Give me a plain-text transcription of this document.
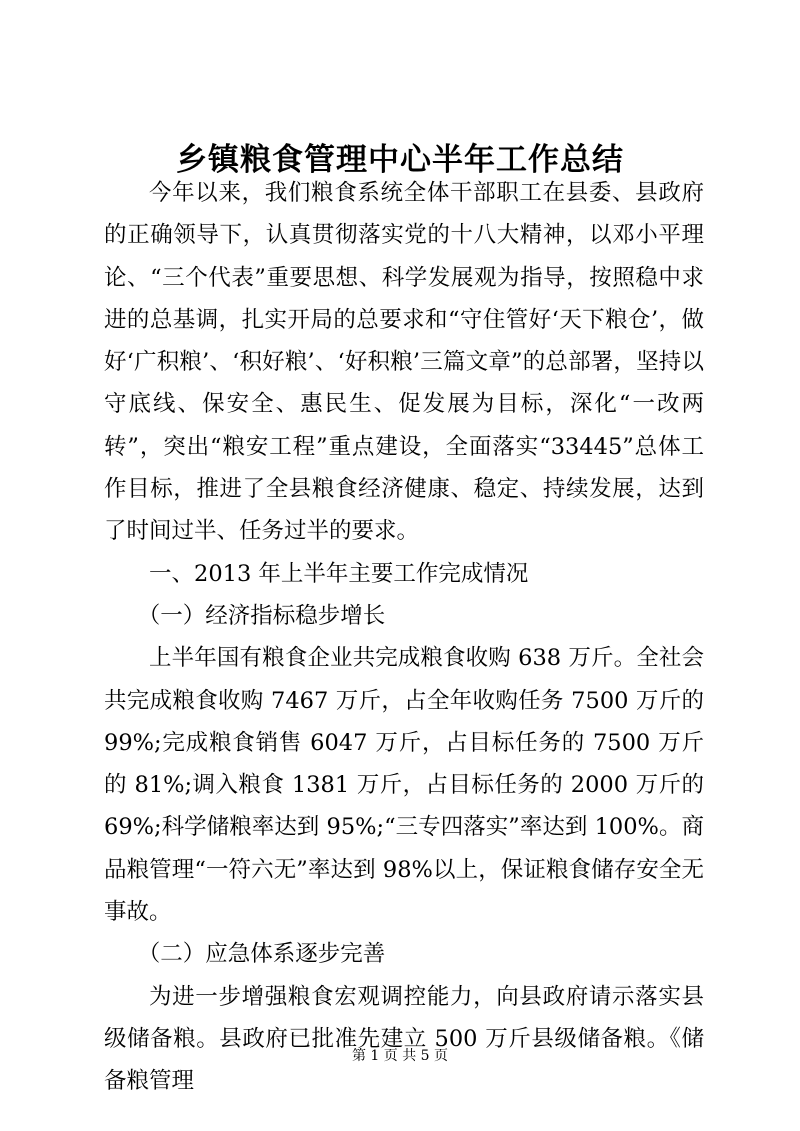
乡镇粮食管理中心半年工作总结

今年以来，我们粮食系统全体干部职工在县委、县政府的正确领导下，认真贯彻落实党的十八大精神，以邓小平理论、“三个代表”重要思想、科学发展观为指导，按照稳中求进的总基调，扎实开局的总要求和“守住管好‘天下粮仓’，做好‘广积粮’、‘积好粮’、‘好积粮’三篇文章”的总部署，坚持以守底线、保安全、惠民生、促发展为目标，深化“一改两转”，突出“粮安工程”重点建设，全面落实“33445”总体工作目标，推进了全县粮食经济健康、稳定、持续发展，达到了时间过半、任务过半的要求。

一、2013 年上半年主要工作完成情况

（一）经济指标稳步增长

上半年国有粮食企业共完成粮食收购 638 万斤。全社会共完成粮食收购 7467 万斤，占全年收购任务 7500 万斤的 99%;完成粮食销售 6047 万斤，占目标任务的 7500 万斤的 81%;调入粮食 1381 万斤，占目标任务的 2000 万斤的 69%;科学储粮率达到 95%;“三专四落实”率达到 100%。商品粮管理“一符六无”率达到 98%以上，保证粮食储存安全无事故。

（二）应急体系逐步完善

为进一步增强粮食宏观调控能力，向县政府请示落实县级储备粮。县政府已批准先建立 500 万斤县级储备粮。《储备粮管理

第 1 页 共 5 页
